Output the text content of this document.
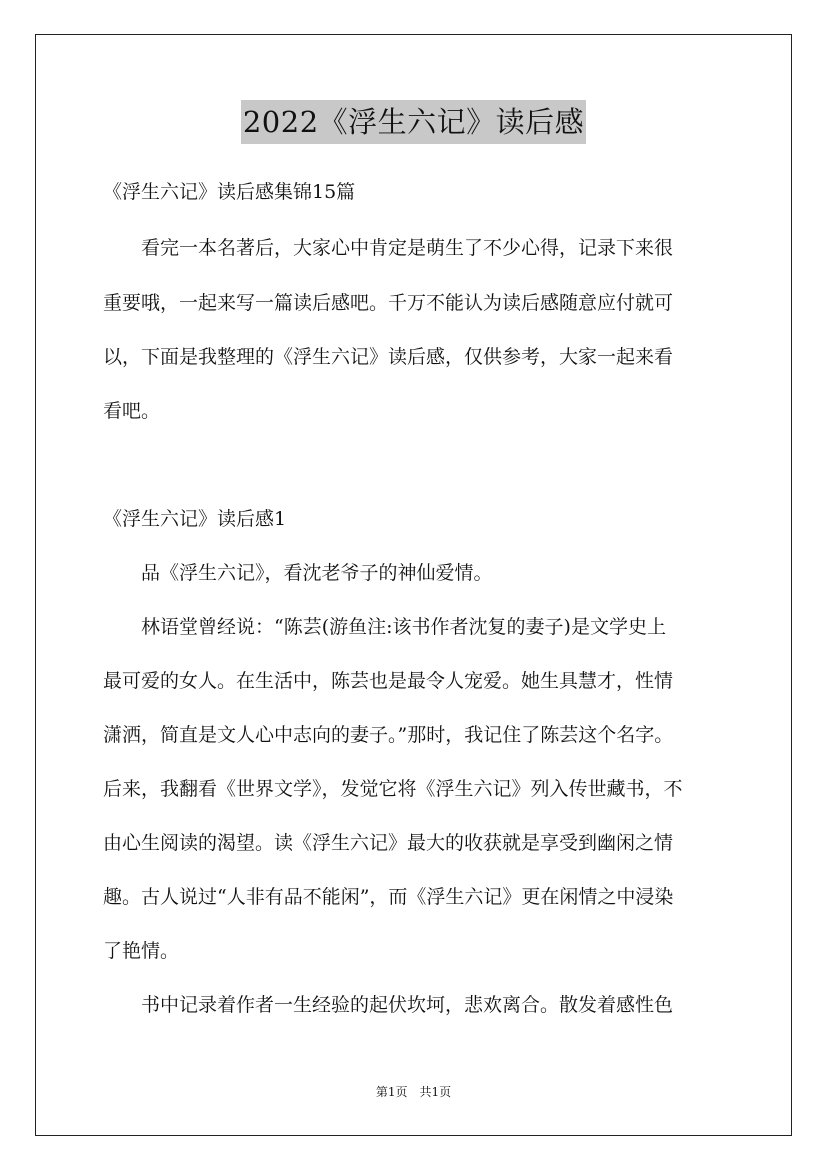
2022《浮生六记》读后感
《浮生六记》读后感集锦15篇
　　看完一本名著后，大家心中肯定是萌生了不少心得，记录下来很
重要哦，一起来写一篇读后感吧。千万不能认为读后感随意应付就可
以，下面是我整理的《浮生六记》读后感，仅供参考，大家一起来看
看吧。
《浮生六记》读后感1
　　品《浮生六记》，看沈老爷子的神仙爱情。
　　林语堂曾经说：“陈芸(游鱼注:该书作者沈复的妻子)是文学史上
最可爱的女人。在生活中，陈芸也是最令人宠爱。她生具慧才，性情
潇洒，简直是文人心中志向的妻子。”那时，我记住了陈芸这个名字。
后来，我翻看《世界文学》，发觉它将《浮生六记》列入传世藏书，不
由心生阅读的渴望。读《浮生六记》最大的收获就是享受到幽闲之情
趣。古人说过“人非有品不能闲”，而《浮生六记》更在闲情之中浸染
了艳情。
　　书中记录着作者一生经验的起伏坎坷，悲欢离合。散发着感性色
第1页　共1页
